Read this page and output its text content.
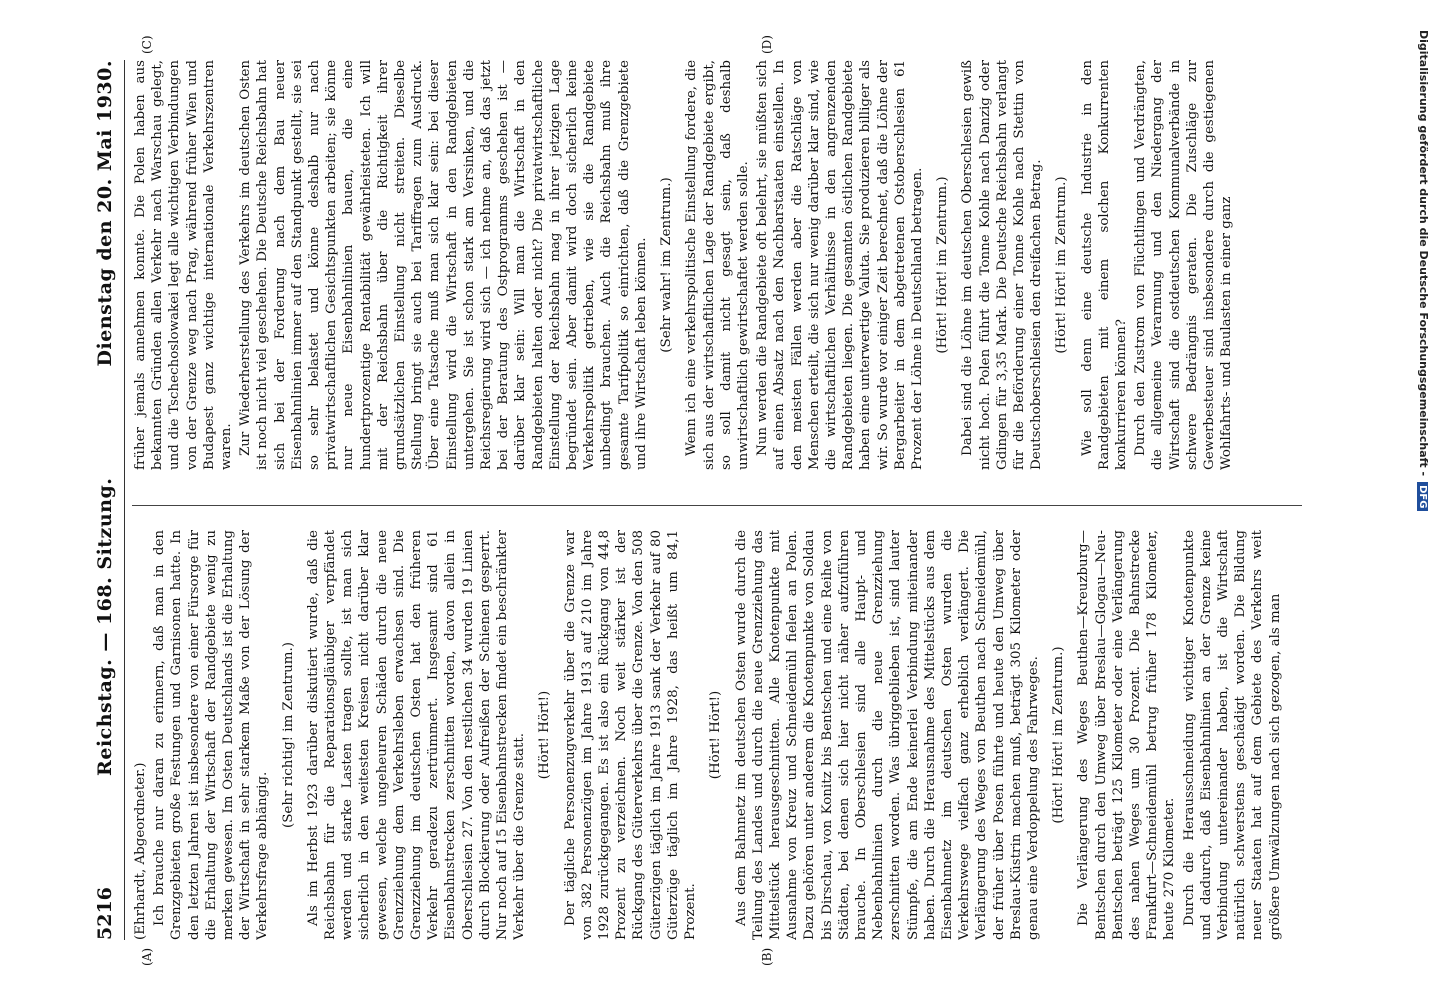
5216
Reichstag. — 168. Sitzung.
Dienstag den 20. Mai 1930.
(A)	(B)
(C)	(D)

(Ehrhardt, Abgeordneter.) Ich brauche nur daran zu erinnern, daß man in den Grenzgebieten große Festungen und Garnisonen hatte. In den letzten Jahren ist insbesondere von einer Fürsorge für die Erhaltung der Wirtschaft der Randgebiete wenig zu merken gewesen. Im Osten Deutschlands ist die Erhaltung der Wirtschaft in sehr starkem Maße von der Lösung der Verkehrsfrage abhängig.

(Sehr richtig! im Zentrum.) Als im Herbst 1923 darüber diskutiert wurde, daß die Reichsbahn für die Reparationsgläubiger verpfändet werden und starke Lasten tragen sollte, ist man sich sicherlich in den weitesten Kreisen nicht darüber klar gewesen, welche ungeheuren Schäden durch die neue Grenzziehung dem Verkehrsleben erwachsen sind. Die Grenzziehung im deutschen Osten hat den früheren Verkehr geradezu zertrümmert. Insgesamt sind 61 Eisenbahnstrecken zerschnitten worden, davon allein in Oberschlesien 27. Von den restlichen 34 wurden 19 Linien durch Blockierung oder Aufreißen der Schienen gesperrt. Nur noch auf 15 Eisenbahnstrecken findet ein beschränkter Verkehr über die Grenze statt. (Hört! Hört!) Der tägliche Personenzugverkehr über die Grenze war von 382 Personenzügen im Jahre 1913 auf 210 im Jahre 1928 zurückgegangen. Es ist also ein Rückgang von 44,8 Prozent zu verzeichnen. Noch weit stärker ist der Rückgang des Güterverkehrs über die Grenze. Von den 508 Güterzügen täglich im Jahre 1913 sank der Verkehr auf 80 Güterzüge täglich im Jahre 1928, das heißt um 84,1 Prozent.

(Hört! Hört!) Aus dem Bahnnetz im deutschen Osten wurde durch die Teilung des Landes und durch die neue Grenzziehung das Mittelstück herausgeschnitten. Alle Knotenpunkte mit Ausnahme von Kreuz und Schneidemühl fielen an Polen. Dazu gehören unter anderem die Knotenpunkte von Soldau bis Dirschau, von Konitz bis Bentschen und eine Reihe von Städten, bei denen sich hier nicht näher aufzuführen brauche. In Oberschlesien sind alle Haupt- und Nebenbahnlinien durch die neue Grenzziehung zerschnitten worden. Was übriggeblieben ist, sind lauter Stümpfe, die am Ende keinerlei Verbindung miteinander haben. Durch die Herausnahme des Mittelstücks aus dem Eisenbahnnetz im deutschen Osten wurden die Verkehrswege vielfach ganz erheblich verlängert. Die Verlängerung des Weges von Beuthen nach Schneidemühl, der früher über Posen führte und heute den Umweg über Breslau-Küstrin machen muß, beträgt 305 Kilometer oder genau eine Verdoppelung des Fahrweges. (Hört! Hört! im Zentrum.) Die Verlängerung des Weges Beuthen—Kreuzburg—Bentschen durch den Umweg über Breslau—Glogau—Neu-Bentschen beträgt 125 Kilometer oder eine Verlängerung des nahen Weges um 30 Prozent. Die Bahnstrecke Frankfurt—Schneidemühl betrug früher 178 Kilometer, heute 270 Kilometer. Durch die Herausschneidung wichtiger Knotenpunkte und dadurch, daß Eisenbahnlinien an der Grenze keine Verbindung untereinander haben, ist die Wirtschaft natürlich schwerstens geschädigt worden. Die Bildung neuer Staaten hat auf dem Gebiete des Verkehrs weit größere Umwälzungen nach sich gezogen, als man

früher jemals annehmen konnte. Die Polen haben aus bekannten Gründen allen Verkehr nach Warschau gelegt, und die Tschechoslowakei legt alle wichtigen Verbindungen von der Grenze weg nach Prag, während früher Wien und Budapest ganz wichtige internationale Verkehrszentren waren. Zur Wiederherstellung des Verkehrs im deutschen Osten ist noch nicht viel geschehen. Die Deutsche Reichsbahn hat sich bei der Forderung nach dem Bau neuer Eisenbahnlinien immer auf den Standpunkt gestellt, sie sei so sehr belastet und könne deshalb nur nach privatwirtschaftlichen Gesichtspunkten arbeiten; sie könne nur neue Eisenbahnlinien bauen, die eine hundertprozentige Rentabilität gewährleisteten. Ich will mit der Reichsbahn über die Richtigkeit ihrer grundsätzlichen Einstellung nicht streiten. Dieselbe Stellung bringt sie auch bei Tariffragen zum Ausdruck. Über eine Tatsache muß man sich klar sein: bei dieser Einstellung wird die Wirtschaft in den Randgebieten untergehen. Sie ist schon stark am Versinken, und die Reichsregierung wird sich — ich nehme an, daß das jetzt bei der Beratung des Ostprogramms geschehen ist — darüber klar sein: Will man die Wirtschaft in den Randgebieten halten oder nicht? Die privatwirtschaftliche Einstellung der Reichsbahn mag in ihrer jetzigen Lage begründet sein. Aber damit wird doch sicherlich keine Verkehrspolitik getrieben, wie sie die Randgebiete unbedingt brauchen. Auch die Reichsbahn muß ihre gesamte Tarifpolitik so einrichten, daß die Grenzgebiete und ihre Wirtschaft leben können. (Sehr wahr! im Zentrum.) Wenn ich eine verkehrspolitische Einstellung fordere, die sich aus der wirtschaftlichen Lage der Randgebiete ergibt, so soll damit nicht gesagt sein, daß deshalb unwirtschaftlich gewirtschaftet werden solle. Nun werden die Randgebiete oft belehrt, sie müßten sich auf einen Absatz nach den Nachbarstaaten einstellen. In den meisten Fällen werden aber die Ratschläge von Menschen erteilt, die sich nur wenig darüber klar sind, wie die wirtschaftlichen Verhältnisse in den angrenzenden Randgebieten liegen. Die gesamten östlichen Randgebiete haben eine unterwertige Valuta. Sie produzieren billiger als wir. So wurde vor einiger Zeit berechnet, daß die Löhne der Bergarbeiter in dem abgetretenen Ostoberschlesien 61 Prozent der Löhne in Deutschland betragen. (Hört! Hört! im Zentrum.) Dabei sind die Löhne im deutschen Oberschlesien gewiß nicht hoch. Polen führt die Tonne Kohle nach Danzig oder Gdingen für 3,35 Mark. Die Deutsche Reichsbahn verlangt für die Beförderung einer Tonne Kohle nach Stettin von Deutschoberschlesien den dreifachen Betrag. (Hört! Hört! im Zentrum.) Wie soll denn eine deutsche Industrie in den Randgebieten mit einem solchen Konkurrenten konkurrieren können? Durch den Zustrom von Flüchtlingen und Verdrängten, die allgemeine Verarmung und den Niedergang der Wirtschaft sind die ostdeutschen Kommunalverbände in schwere Bedrängnis geraten. Die Zuschläge zur Gewerbesteuer sind insbesondere durch die gestiegenen Wohlfahrts- und Baulasten in einer ganz	Digitalisierung gefördert durch die Deutsche Forschungsgemeinschaft -DFG
